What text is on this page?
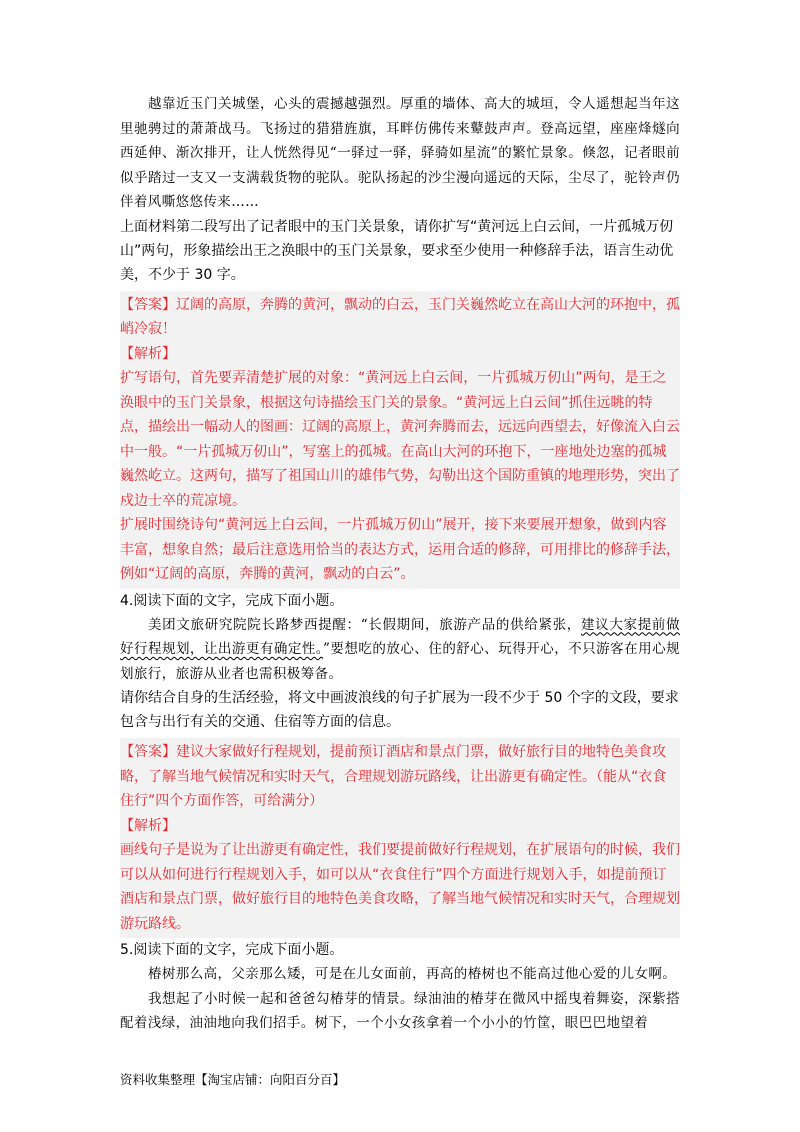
越靠近玉门关城堡，心头的震撼越强烈。厚重的墙体、高大的城垣，令人遥想起当年这里驰骋过的萧萧战马。飞扬过的猎猎旌旗，耳畔仿佛传来鼙鼓声声。登高远望，座座烽燧向西延伸、渐次排开，让人恍然得见“一驿过一驿，驿骑如星流”的繁忙景象。倏忽，记者眼前似乎踏过一支又一支满载货物的驼队。驼队扬起的沙尘漫向遥远的天际，尘尽了，驼铃声仍伴着风嘶悠悠传来……

上面材料第二段写出了记者眼中的玉门关景象，请你扩写“黄河远上白云间，一片孤城万仞山”两句，形象描绘出王之涣眼中的玉门关景象，要求至少使用一种修辞手法，语言生动优美，不少于 30 字。

【答案】辽阔的高原，奔腾的黄河，飘动的白云，玉门关巍然屹立在高山大河的环抱中，孤峭冷寂！
【解析】
扩写语句，首先要弄清楚扩展的对象：“黄河远上白云间，一片孤城万仞山”两句，是王之涣眼中的玉门关景象，根据这句诗描绘玉门关的景象。“黄河远上白云间”抓住远眺的特点，描绘出一幅动人的图画：辽阔的高原上，黄河奔腾而去，远远向西望去，好像流入白云中一般。“一片孤城万仞山”，写塞上的孤城。在高山大河的环抱下，一座地处边塞的孤城巍然屹立。这两句，描写了祖国山川的雄伟气势，勾勒出这个国防重镇的地理形势，突出了戍边士卒的荒凉境。
扩展时围绕诗句“黄河远上白云间，一片孤城万仞山”展开，接下来要展开想象，做到内容丰富，想象自然；最后注意选用恰当的表达方式，运用合适的修辞，可用排比的修辞手法，例如“辽阔的高原，奔腾的黄河，飘动的白云”。

4.阅读下面的文字，完成下面小题。

美团文旅研究院院长路梦西提醒：“长假期间，旅游产品的供给紧张，建议大家提前做好行程规划，让出游更有确定性。”要想吃的放心、住的舒心、玩得开心，不只游客在用心规划旅行，旅游从业者也需积极筹备。

请你结合自身的生活经验，将文中画波浪线的句子扩展为一段不少于 50 个字的文段，要求包含与出行有关的交通、住宿等方面的信息。

【答案】建议大家做好行程规划，提前预订酒店和景点门票，做好旅行目的地特色美食攻略，了解当地气候情况和实时天气，合理规划游玩路线，让出游更有确定性。（能从“衣食住行”四个方面作答，可给满分）
【解析】
画线句子是说为了让出游更有确定性，我们要提前做好行程规划，在扩展语句的时候，我们可以从如何进行行程规划入手，如可以从“衣食住行”四个方面进行规划入手，如提前预订酒店和景点门票，做好旅行目的地特色美食攻略，了解当地气候情况和实时天气，合理规划游玩路线。

5.阅读下面的文字，完成下面小题。

椿树那么高，父亲那么矮，可是在儿女面前，再高的椿树也不能高过他心爱的儿女啊。

我想起了小时候一起和爸爸勾椿芽的情景。绿油油的椿芽在微风中摇曳着舞姿，深紫搭配着浅绿，油油地向我们招手。树下，一个小女孩拿着一个小小的竹筐，眼巴巴地望着

资料收集整理【淘宝店铺：向阳百分百】
